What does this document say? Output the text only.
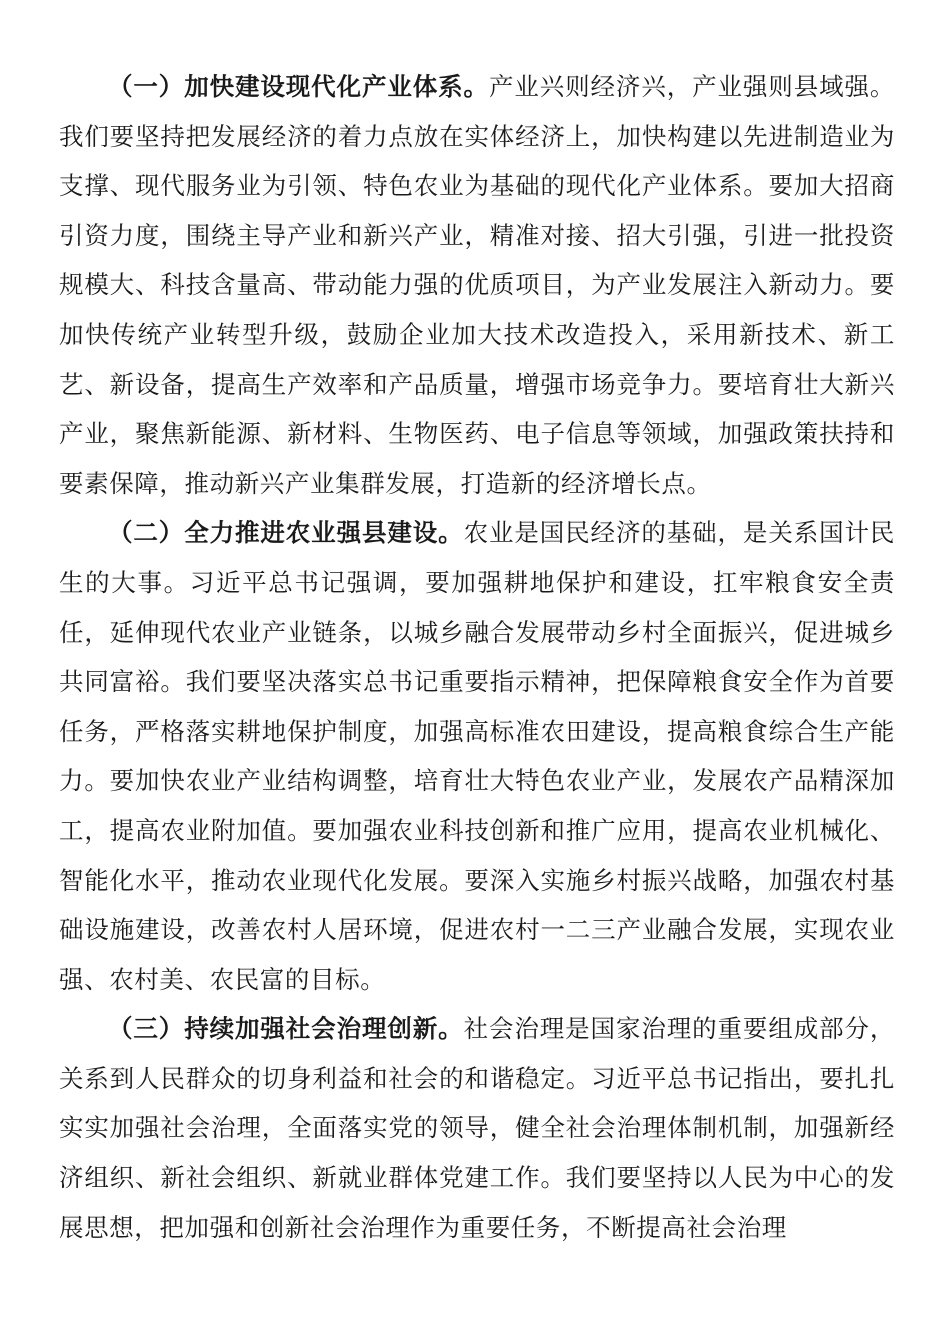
（一）加快建设现代化产业体系。产业兴则经济兴，产业强则县域强。我们要坚持把发展经济的着力点放在实体经济上，加快构建以先进制造业为支撑、现代服务业为引领、特色农业为基础的现代化产业体系。要加大招商引资力度，围绕主导产业和新兴产业，精准对接、招大引强，引进一批投资规模大、科技含量高、带动能力强的优质项目，为产业发展注入新动力。要加快传统产业转型升级，鼓励企业加大技术改造投入，采用新技术、新工艺、新设备，提高生产效率和产品质量，增强市场竞争力。要培育壮大新兴产业，聚焦新能源、新材料、生物医药、电子信息等领域，加强政策扶持和要素保障，推动新兴产业集群发展，打造新的经济增长点。

（二）全力推进农业强县建设。农业是国民经济的基础，是关系国计民生的大事。习近平总书记强调，要加强耕地保护和建设，扛牢粮食安全责任，延伸现代农业产业链条，以城乡融合发展带动乡村全面振兴，促进城乡共同富裕。我们要坚决落实总书记重要指示精神，把保障粮食安全作为首要任务，严格落实耕地保护制度，加强高标准农田建设，提高粮食综合生产能力。要加快农业产业结构调整，培育壮大特色农业产业，发展农产品精深加工，提高农业附加值。要加强农业科技创新和推广应用，提高农业机械化、智能化水平，推动农业现代化发展。要深入实施乡村振兴战略，加强农村基础设施建设，改善农村人居环境，促进农村一二三产业融合发展，实现农业强、农村美、农民富的目标。

（三）持续加强社会治理创新。社会治理是国家治理的重要组成部分，关系到人民群众的切身利益和社会的和谐稳定。习近平总书记指出，要扎扎实实加强社会治理，全面落实党的领导，健全社会治理体制机制，加强新经济组织、新社会组织、新就业群体党建工作。我们要坚持以人民为中心的发展思想，把加强和创新社会治理作为重要任务，不断提高社会治理
